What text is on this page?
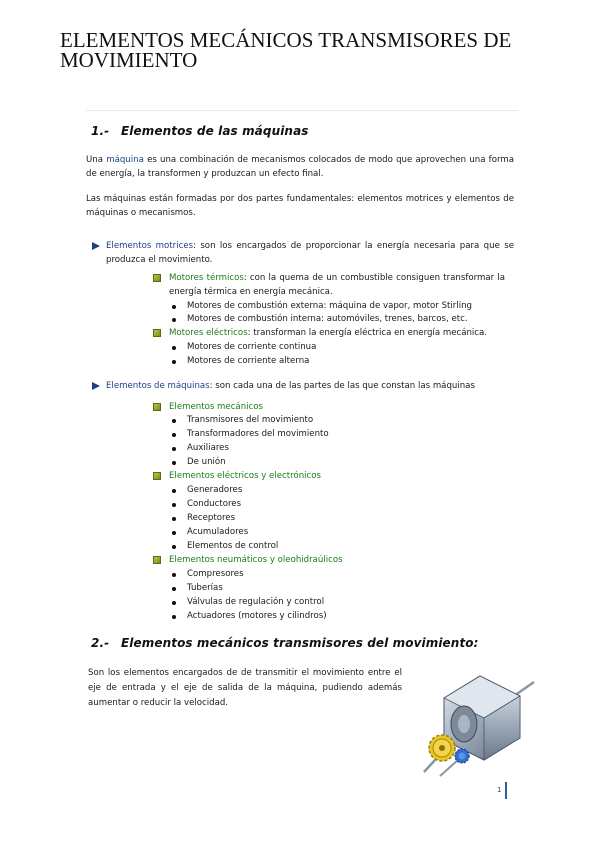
ELEMENTOS MECÁNICOS TRANSMISORES DE MOVIMIENTO
1.- Elementos de las máquinas
Una máquina es una combinación de mecanismos colocados de modo que aprovechen una forma de energía, la transformen y produzcan un efecto final.
Las máquinas están formadas por dos partes fundamentales: elementos motrices y elementos de máquinas o mecanismos.
Elementos motrices: son los encargados de proporcionar la energía necesaria para que se produzca el movimiento.
Motores térmicos: con la quema de un combustible consiguen transformar la energía térmica en energía mecánica.
Motores de combustión externa: máquina de vapor, motor Stirling
Motores de combustión interna: automóviles, trenes, barcos, etc.
Motores eléctricos: transforman la energía eléctrica en energía mecánica.
Motores de corriente continua
Motores de corriente alterna
Elementos de máquinas: son cada una de las partes de las que constan las máquinas
Elementos mecánicos
Transmisores del movimiento
Transformadores del movimiento
Auxiliares
De unión
Elementos eléctricos y electrónicos
Generadores
Conductores
Receptores
Acumuladores
Elementos de control
Elementos neumáticos y oleohidraúlicos
Compresores
Tuberías
Válvulas de regulación y control
Actuadores (motores y cilindros)
2.- Elementos mecánicos transmisores del movimiento:
Son los elementos encargados de de transmitir el movimiento entre el eje de entrada y el eje de salida de la máquina, pudiendo además aumentar o reducir la velocidad.
1
